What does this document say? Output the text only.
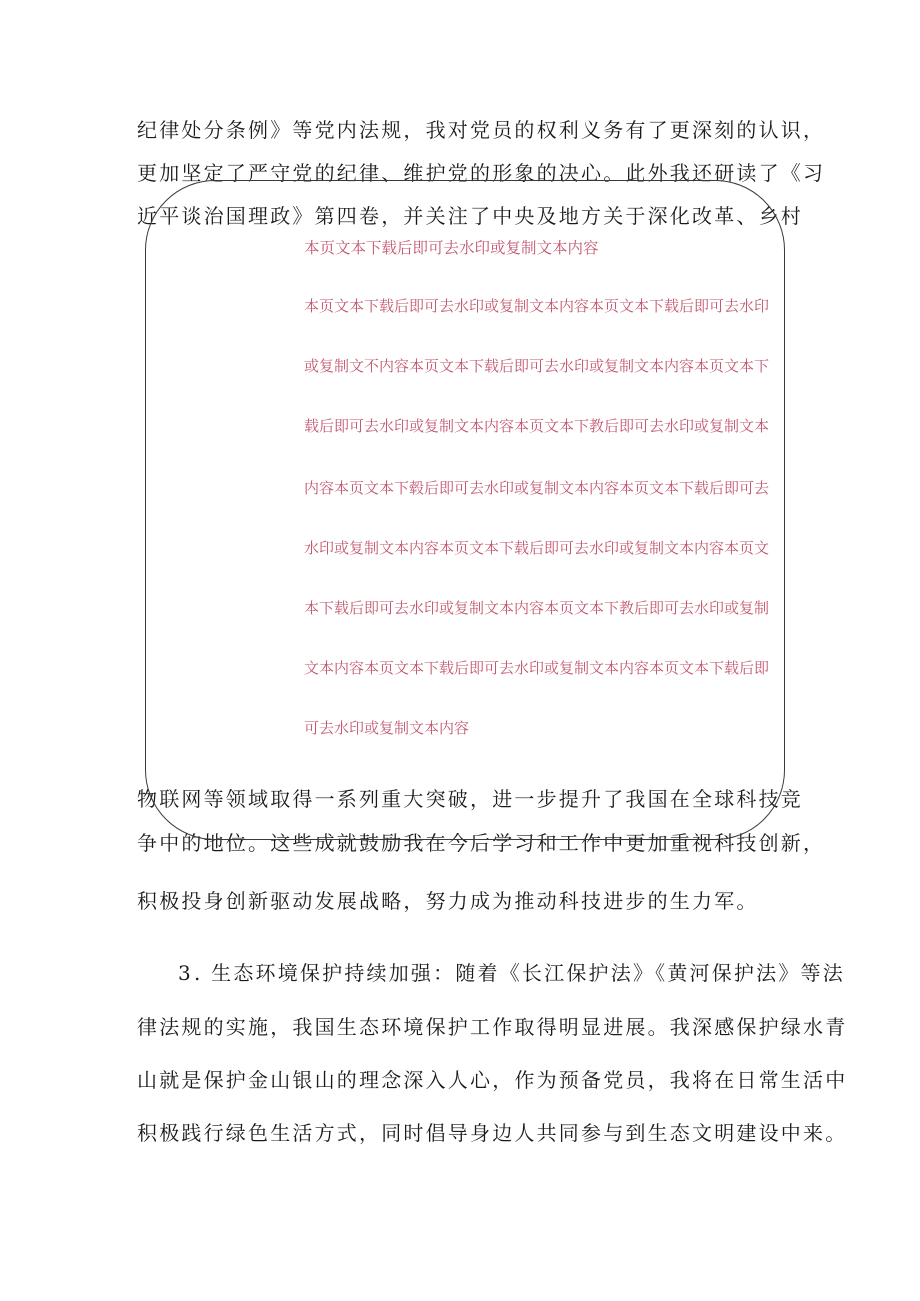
纪律处分条例》等党内法规，我对党员的权利义务有了更深刻的认识，
更加坚定了严守党的纪律、维护党的形象的决心。此外我还研读了《习
近平谈治国理政》第四卷，并关注了中央及地方关于深化改革、乡村
物联网等领域取得一系列重大突破，进一步提升了我国在全球科技竞
争中的地位。这些成就鼓励我在今后学习和工作中更加重视科技创新，
积极投身创新驱动发展战略，努力成为推动科技进步的生力军。
本页文本下载后即可去水印或复制文本内容
本页文本下载后即可去水印或复制文本内容本页文本下载后即可去水印
或复制文不内容本页文本下载后即可去水印或复制文本内容本页文本下
载后即可去水印或复制文本内容本页文本下教后即可去水印或复制文本
内容本页文本下毂后即可去水印或复制文本内容本页文本下载后即可去
水印或复制文本内容本页文本下载后即可去水印或复制文本内容本页文
本下载后即可去水印或复制文本内容本页文本下教后即可去水印或复制
文本内容本页文本下载后即可去水印或复制文本内容本页文本下载后即
可去水印或复制文本内容
3 . 生态环境保护持续加强：随着《长江保护法》《黄河保护法》等法
律法规的实施，我国生态环境保护工作取得明显进展。我深感保护绿水青
山就是保护金山银山的理念深入人心，作为预备党员，我将在日常生活中
积极践行绿色生活方式，同时倡导身边人共同参与到生态文明建设中来。
